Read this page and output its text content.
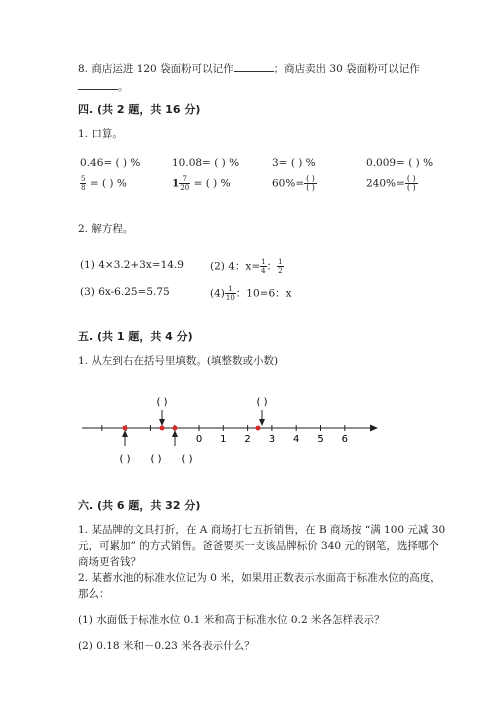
8. 商店运进 120 袋面粉可以记作	；商店卖出 30 袋面粉可以记作
。
四. (共 2 题，共 16 分)
1. 口算。
0.46= ( ) %	10.08= ( ) %	3= ( ) %	0.009= ( ) %
$\frac{5}{8}$ = ( ) %	$1 \frac{7}{20}$ = ( ) %	$60\%= \frac{( )}{( )}$	$240\%= \frac{( )}{( )}$
2. 解方程。
(1) 4×3.2+3x=14.9 (2) 4：$x= \frac{1}{4}$ ： $\frac{1}{2}$
(3) 6x-6.25=5.75	$(4) \frac{1}{10}$ ：10=6：x
五. (共 1 题，共 4 分)
1. 从左到右在括号里填数。(填整数或小数)
0 1 2 3 4 5 6
( )	( )
( ) ( ) ( )
六. (共 6 题，共 32 分)
1. 某品牌的文具打折，在 A 商场打七五折销售，在 B 商场按 “满 100 元减 30
元，可累加” 的方式销售。爸爸要买一支该品牌标价 340 元的钢笔，选择哪个
商场更省钱？
2. 某蓄水池的标准水位记为 0 米，如果用正数表示水面高于标准水位的高度，
那么：
(1) 水面低于标准水位 0.1 米和高于标准水位 0.2 米各怎样表示？
(2) 0.18 米和－0.23 米各表示什么？
